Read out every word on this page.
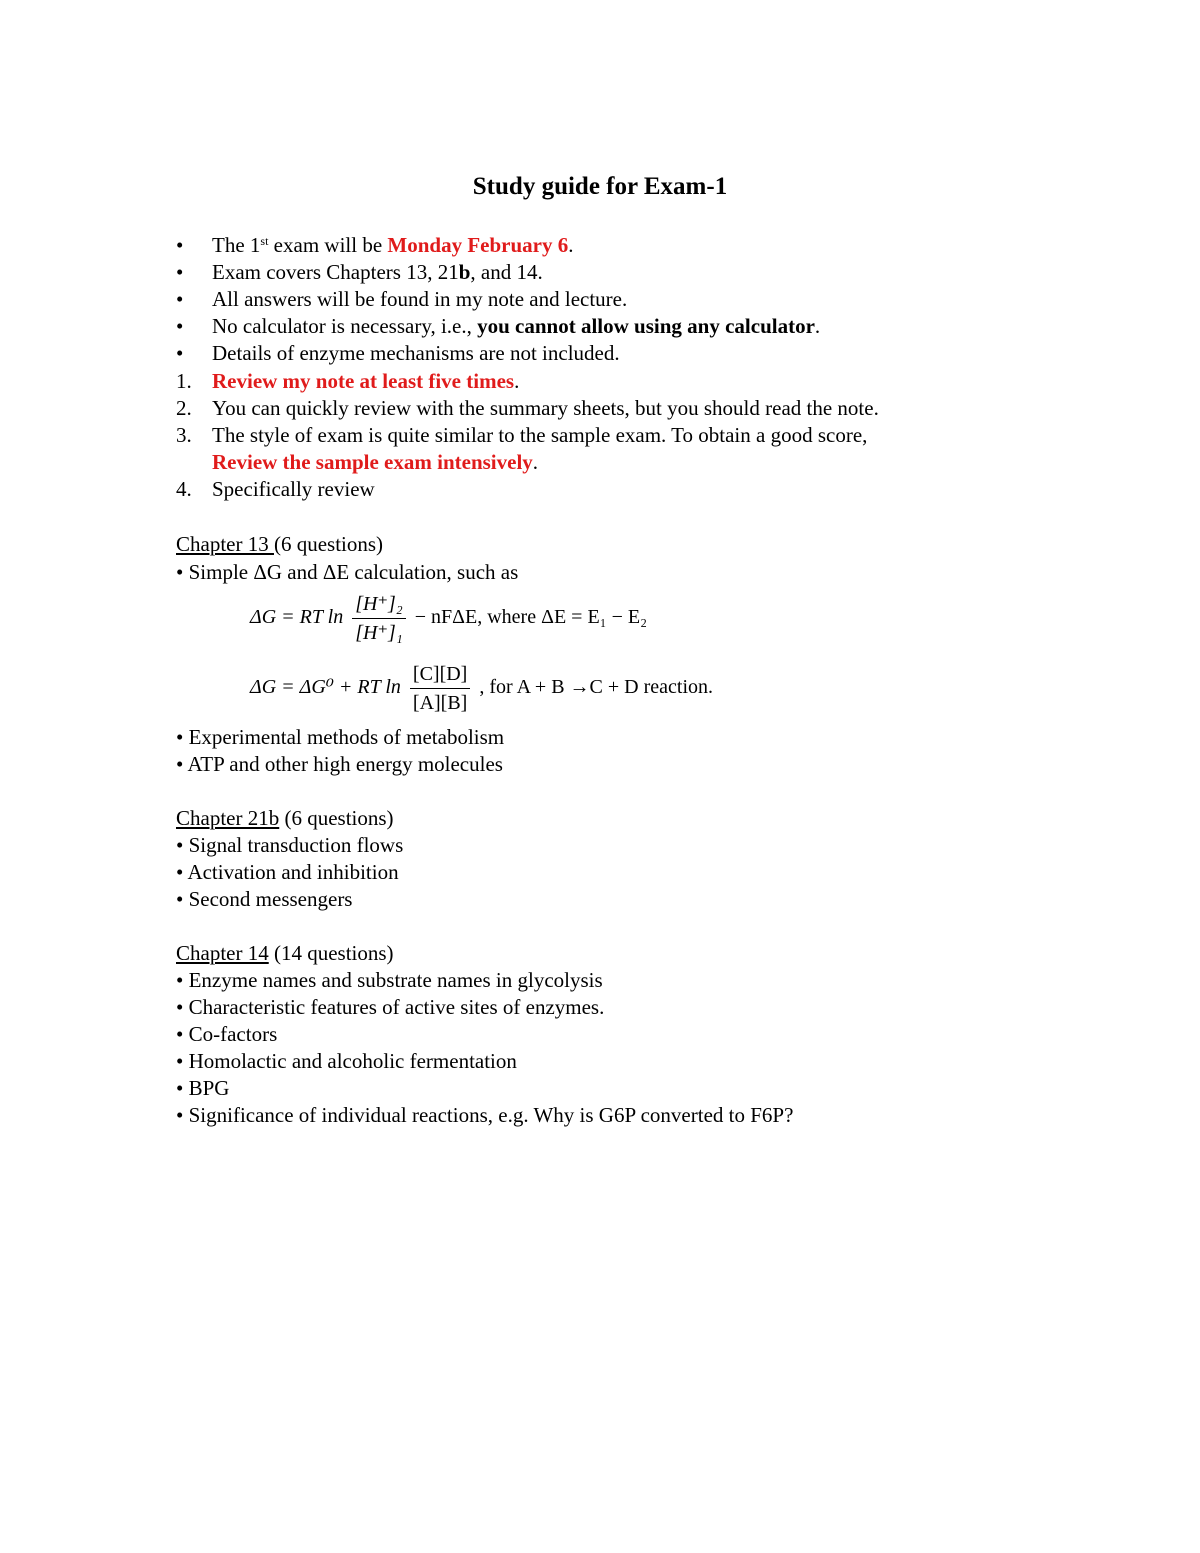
Study guide for Exam-1
• The 1st exam will be Monday February 6.
• Exam covers Chapters 13, 21b, and 14.
• All answers will be found in my note and lecture.
• No calculator is necessary, i.e., you cannot allow using any calculator.
• Details of enzyme mechanisms are not included.
1. Review my note at least five times.
2. You can quickly review with the summary sheets, but you should read the note.
3. The style of exam is quite similar to the sample exam. To obtain a good score,
Review the sample exam intensively.
4. Specifically review
Chapter 13 (6 questions)
• Simple ΔG and ΔE calculation, such as
ΔG = RT $\ln \frac{\text{[H⁺]₂}}{\text{[H⁺]₁}} - nF\Delta E$, where ΔE = E₁ − E₂
ΔG = ΔG⁰ + RT $\ln \frac{[C][D]}{[A][B]}$ , for A + B →C + D reaction.
• Experimental methods of metabolism
• ATP and other high energy molecules
Chapter 21b (6 questions)
• Signal transduction flows
• Activation and inhibition
• Second messengers
Chapter 14 (14 questions)
• Enzyme names and substrate names in glycolysis
• Characteristic features of active sites of enzymes.
• Co-factors
• Homolactic and alcoholic fermentation
• BPG
• Significance of individual reactions, e.g. Why is G6P converted to F6P?
